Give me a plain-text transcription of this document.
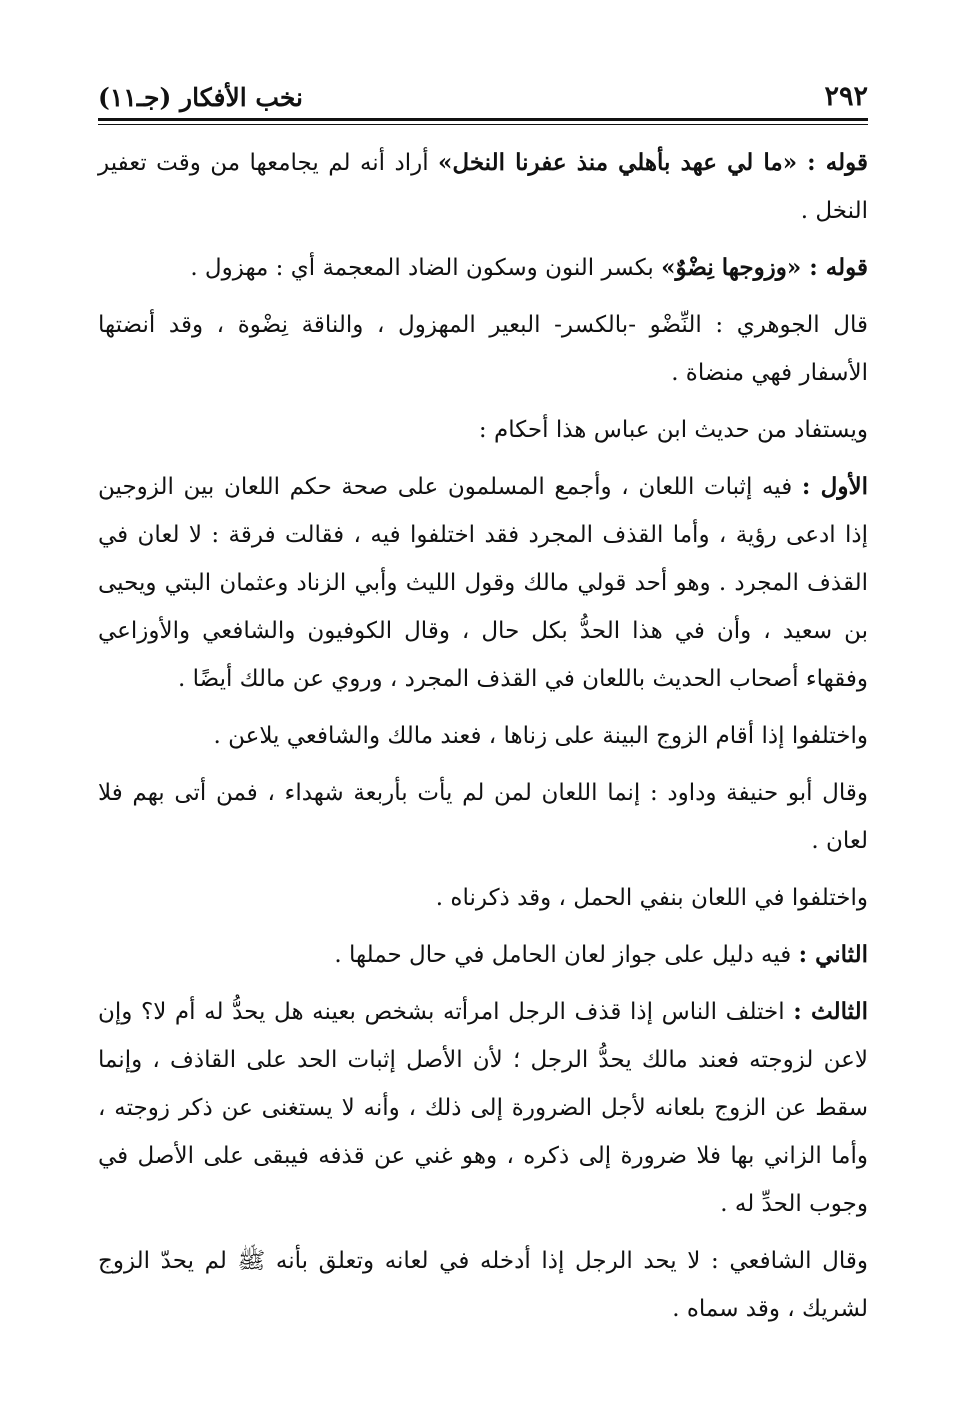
٢٩٢
نخب الأفكار (جـ١١)

قوله : «ما لي عهد بأهلي منذ عفرنا النخل» أراد أنه لم يجامعها من وقت تعفير النخل .

قوله : «وزوجها نِضْوٌ» بكسر النون وسكون الضاد المعجمة أي : مهزول .

قال الجوهري : النِّضْو -بالكسر- البعير المهزول ، والناقة نِضْوة ، وقد أنضتها الأسفار فهي منضاة .

ويستفاد من حديث ابن عباس هذا أحكام :

الأول : فيه إثبات اللعان ، وأجمع المسلمون على صحة حكم اللعان بين الزوجين إذا ادعى رؤية ، وأما القذف المجرد فقد اختلفوا فيه ، فقالت فرقة : لا لعان في القذف المجرد . وهو أحد قولي مالك وقول الليث وأبي الزناد وعثمان البتي ويحيى بن سعيد ، وأن في هذا الحدُّ بكل حال ، وقال الكوفيون والشافعي والأوزاعي وفقهاء أصحاب الحديث باللعان في القذف المجرد ، وروي عن مالك أيضًا .

واختلفوا إذا أقام الزوج البينة على زناها ، فعند مالك والشافعي يلاعن .

وقال أبو حنيفة وداود : إنما اللعان لمن لم يأت بأربعة شهداء ، فمن أتى بهم فلا لعان .

واختلفوا في اللعان بنفي الحمل ، وقد ذكرناه .

الثاني : فيه دليل على جواز لعان الحامل في حال حملها .

الثالث : اختلف الناس إذا قذف الرجل امرأته بشخص بعينه هل يحدُّ له أم لا؟ وإن لاعن لزوجته فعند مالك يحدُّ الرجل ؛ لأن الأصل إثبات الحد على القاذف ، وإنما سقط عن الزوج بلعانه لأجل الضرورة إلى ذلك ، وأنه لا يستغنى عن ذكر زوجته ، وأما الزاني بها فلا ضرورة إلى ذكره ، وهو غني عن قذفه فيبقى على الأصل في وجوب الحدِّ له .

وقال الشافعي : لا يحد الرجل إذا أدخله في لعانه وتعلق بأنه ﷺ لم يحدّ الزوج لشريك ، وقد سماه .
